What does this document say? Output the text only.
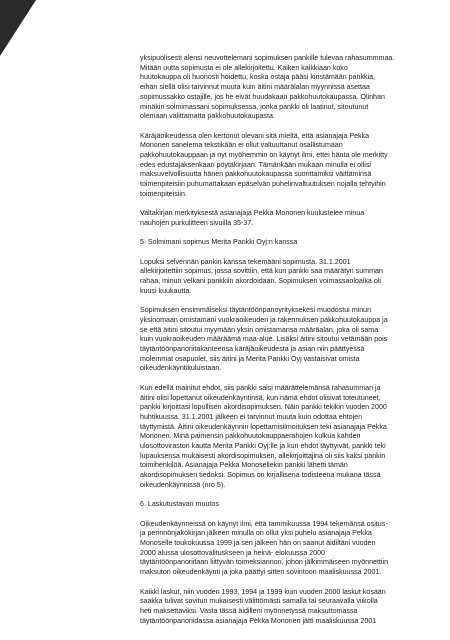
yksipuolisesti alensi neuvottelemani sopimuksen pankille tulevaa rahasummmaa.
Mitään uutta sopimusta ei ole allekirjoitettu. Kaiken kaikkiaan koko
huutokauppa oli huonosti hoidettu, koska ostaja pääsi kiristämään pankkia,
eihän siellä olisi tarvinnut muuta kuin äitini määrälalan myynnissä asettaa
sopimussakko ostajille, jos he eivät huudakaan pakkohuutokaupassa. Olinhan
minäkin solmimassani sopimuksessa, jonka pankki oli laatinut, sitoutunut
olemaan valittamatta pakkohuutokaupasta.

Käräjäoikeudessa olen kertonut olevani sitä mieltä, että asianajaja Pekka
Mononen sanelema tekstikään ei ollut valtuuttanut osallistumaan
pakkohuutokauppaan ja nyt myöhemmin on käynyt ilmi, ettei hänta ole merkitty
edes edustajaksenkaan pöytäkirjaan. Tämänkään mukaan minulla ei ollisi
maksuvelvollisuutta hänen pakkohuutokaupassa suorittamiksi väittäminsä
toimenpiteisiin puhumattakaan epäselvän puhelinvaltuutuksen nojalla tehtyihin
toimenpiteisiin.

Valtakirjan merkityksestä asianajaja Pekka Mononen kuulustelee minua
nauhojen purkulitteen sivuilla 35-37.

5. Solmimani sopimus Merita Pankki Oyj:n kanssa

Lopuksi selvennän pankin kanssa tekemääni sopimusta. 31.1.2001
allekirjoitettiin sopimus, jossa sovittiin, että kun pankki saa määrätyn summan
rahaa, minun velkani pankkiin akordoidaan. Sopimuksen voimassaoloaika oli
kuusi kuukautta.

Sopimuksen ensimmäiseksi täytäntöönpanoyrityksekesi muodostui minun
yksinomaan omistamani vuokraoikeuden ja rakennuksen pakkohuutokauppa ja
se että äitini sitoutui myymään yksin omistamansa määräalan, joka oli sama
kuin vuokraoikeuden määräämä maa-alue. Lisäksi äitini sitoutui vetämään pois
täytäntöönpanoriitakanteensa käräjäoikeudesta ja asian niin päättyessä
molemmat osapuolet, siis äitini ja Merita Pankki Oyj vastaisivat omista
oikeudenkäyntikuluistaan.

Kun edellä mainitut ehdot, siis pankki saisi määrättelemänsä rahasumman ja
äitini olisi lopettanut oikeudenkäyntinsä, kun nämä ehdot olisivat toteutuneet,
pankki kirjoittasi lopullisen akordisopimuksen. Näin pankki tekikin vuoden 2000
huhtikuussa. 31.1.2001 jälkeen ei tarvinnut muuta kuin odottaa ehtojen
täyttymistä. Äitini oikeudenkäynnin lopettamisilmoituksen teki asianajaja Pekka
Mononen. Minä paimensin pakkohuutokauppaerahojen kulkua kahden
ulosottoviraston kautta Merita Pankki Oyj:lle ja kun ehdot täyttyivät, pankki teki
lupauksensa mukaisesti akordisopimuksen, allekirjoittajina oli siis kaksi pankin
toimihenkilöä. Asianajaja Pekka Monosellekin pankki lähetti tämän
akordisopimuksen tiedoksi. Sopimus on kirjallisena todisteena mukana tässä
oikeudenkäynnissä (nro 5).

6. Laskutustavan muutos

Oikeudenkäynneissä on käynyt ilmi, että tammikuussa 1994 tekemänsä ositus-
ja perinnönjakokirjan jälkeen minulla on ollut yksi puhelu asianajaja Pekka
Monoselle toukokuussa 1999 ja sen jälkeen hän on saanut äidiltäni vuoden
2000 alussa ulosottovalituskseen ja heinä- elokuussa 2000
täytäntöönpanoriitaan liittyvän toimeksiannon, johon jälkimmäiseen myönnettiin
maksuton oikeudenkäynti ja joka päättyi sitten sovintoon maaliskuussa 2001.

Kaikki laskut, niin vuoden 1993, 1994 ja 1999 kuin vuoden 2000 laskut kosään
saakka tulivat sovitun mukaisesti välittömästi samalla tai seuraavalla viikolla
heti maksettaviksi. Vasta tässä äidilleni myönnetyssä maksuttomassa
täytäntöönpanoriidassa asianajaja Pekka Mononen jätti maaliskuussa 2001
